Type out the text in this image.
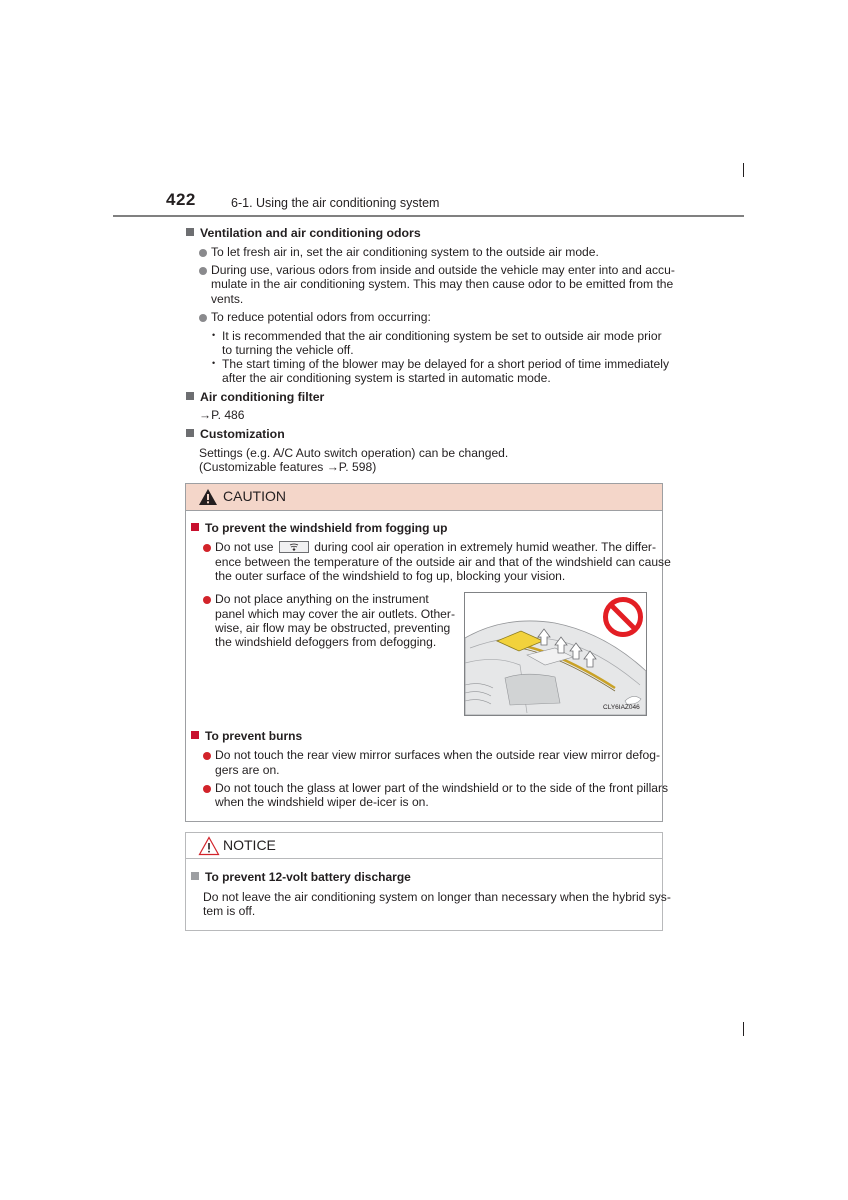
422	6-1. Using the air conditioning system
Ventilation and air conditioning odors
To let fresh air in, set the air conditioning system to the outside air mode.
During use, various odors from inside and outside the vehicle may enter into and accu-
mulate in the air conditioning system. This may then cause odor to be emitted from the
vents.
To reduce potential odors from occurring:
• It is recommended that the air conditioning system be set to outside air mode prior
to turning the vehicle off.
• The start timing of the blower may be delayed for a short period of time immediately
after the air conditioning system is started in automatic mode.
Air conditioning filter
→P. 486
Customization
Settings (e.g. A/C Auto switch operation) can be changed.
(Customizable features →P. 598)
CAUTION
To prevent the windshield from fogging up
Do not use	during cool air operation in extremely humid weather. The differ-
ence between the temperature of the outside air and that of the windshield can cause
the outer surface of the windshield to fog up, blocking your vision.
Do not place anything on the instrument
panel which may cover the air outlets. Other-
wise, air flow may be obstructed, preventing
the windshield defoggers from defogging.
CLY6IAZ046
To prevent burns
Do not touch the rear view mirror surfaces when the outside rear view mirror defog-
gers are on.
Do not touch the glass at lower part of the windshield or to the side of the front pillars
when the windshield wiper de-icer is on.
NOTICE
To prevent 12-volt battery discharge
Do not leave the air conditioning system on longer than necessary when the hybrid sys-
tem is off.
